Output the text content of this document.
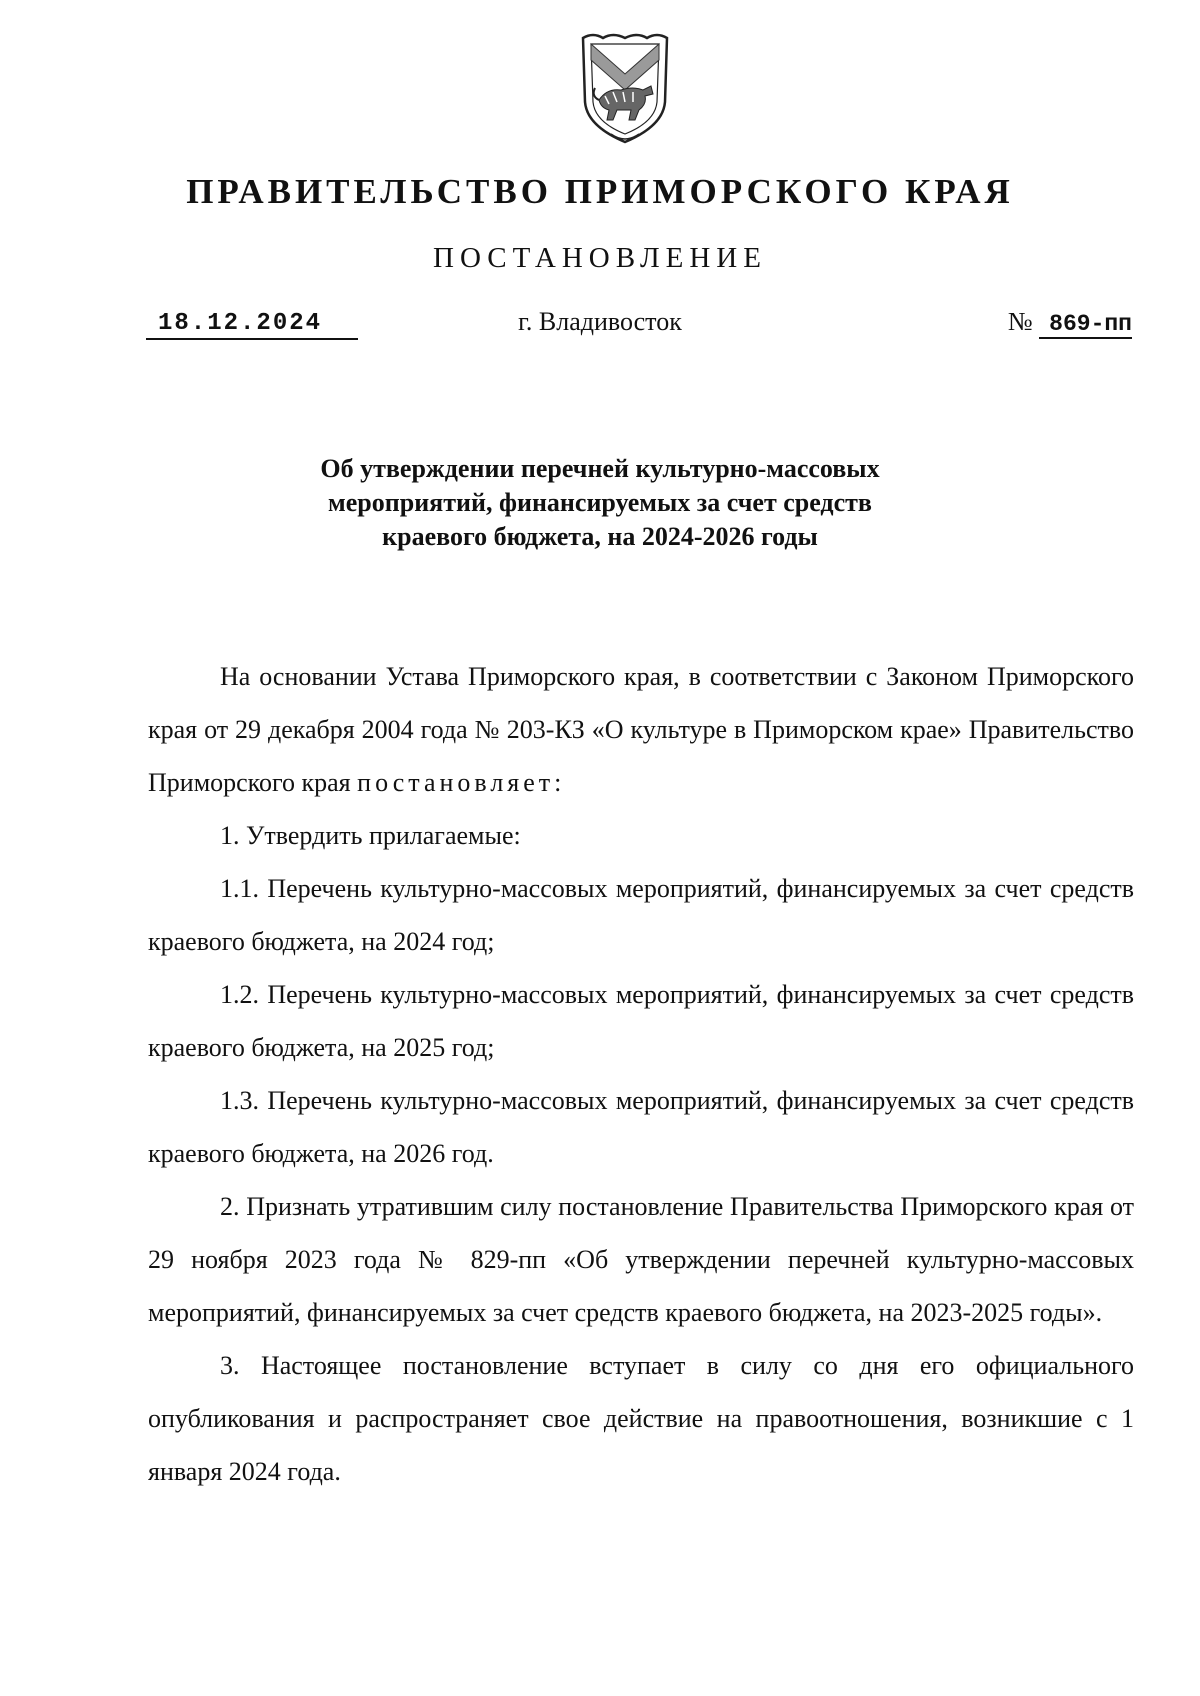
ПРАВИТЕЛЬСТВО ПРИМОРСКОГО КРАЯ
ПОСТАНОВЛЕНИЕ
18.12.2024	г. Владивосток	№ 869-пп
Об утверждении перечней культурно-массовых
мероприятий, финансируемых за счет средств
краевого бюджета, на 2024-2026 годы

На основании Устава Приморского края, в соответствии с Законом Приморского края от 29 декабря 2004 года № 203-КЗ «О культуре в Приморском крае» Правительство Приморского края постановляет:

1. Утвердить прилагаемые:

1.1. Перечень культурно-массовых мероприятий, финансируемых за счет средств краевого бюджета, на 2024 год;

1.2. Перечень культурно-массовых мероприятий, финансируемых за счет средств краевого бюджета, на 2025 год;

1.3. Перечень культурно-массовых мероприятий, финансируемых за счет средств краевого бюджета, на 2026 год.

2. Признать утратившим силу постановление Правительства Приморского края от 29 ноября 2023 года № 829-пп «Об утверждении перечней культурно-массовых мероприятий, финансируемых за счет средств краевого бюджета, на 2023-2025 годы».

3. Настоящее постановление вступает в силу со дня его официального опубликования и распространяет свое действие на правоотношения, возникшие с 1 января 2024 года.
